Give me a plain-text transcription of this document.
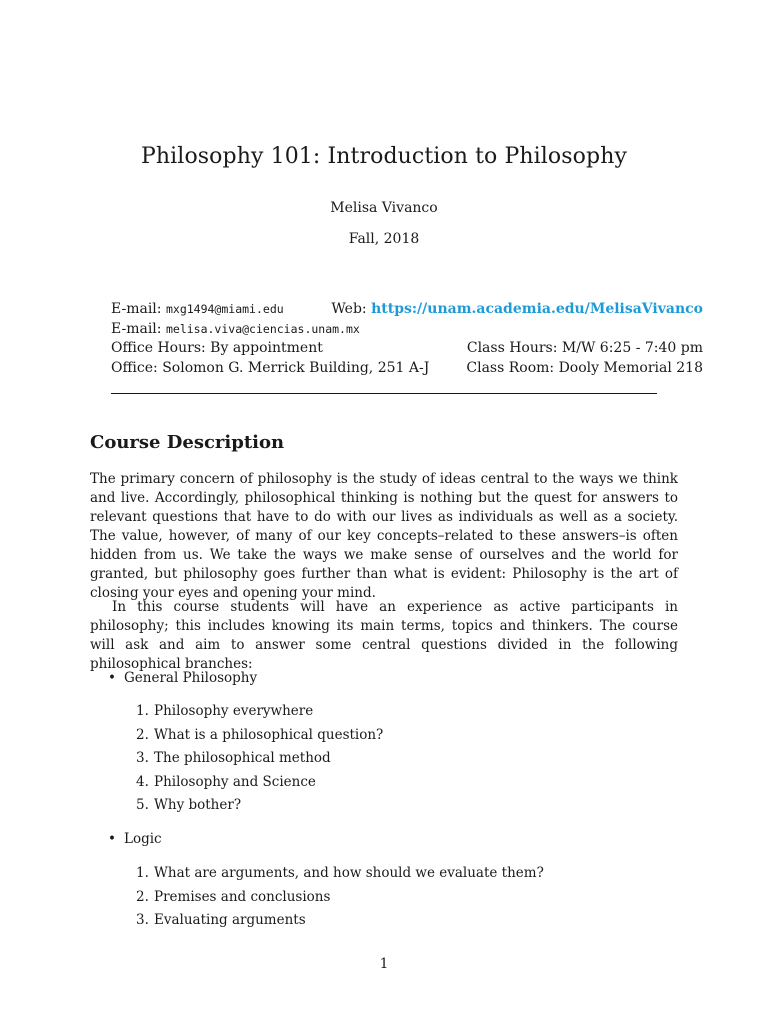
Philosophy 101: Introduction to Philosophy
Melisa Vivanco
Fall, 2018
E-mail: mxg1494@miami.edu
E-mail: melisa.viva@ciencias.unam.mx
Office Hours: By appointment
Office: Solomon G. Merrick Building, 251 A-J
Web: https://unam.academia.edu/MelisaVivanco
Class Hours: M/W 6:25 - 7:40 pm
Class Room: Dooly Memorial 218
Course Description
The primary concern of philosophy is the study of ideas central to the ways we think and live. Accordingly, philosophical thinking is nothing but the quest for answers to relevant questions that have to do with our lives as individuals as well as a society. The value, however, of many of our key concepts–related to these answers–is often hidden from us. We take the ways we make sense of ourselves and the world for granted, but philosophy goes further than what is evident: Philosophy is the art of closing your eyes and opening your mind.
In this course students will have an experience as active participants in philosophy; this includes knowing its main terms, topics and thinkers. The course will ask and aim to answer some central questions divided in the following philosophical branches:
• General Philosophy
1. Philosophy everywhere
2. What is a philosophical question?
3. The philosophical method
4. Philosophy and Science
5. Why bother?
• Logic
1. What are arguments, and how should we evaluate them?
2. Premises and conclusions
3. Evaluating arguments
1
